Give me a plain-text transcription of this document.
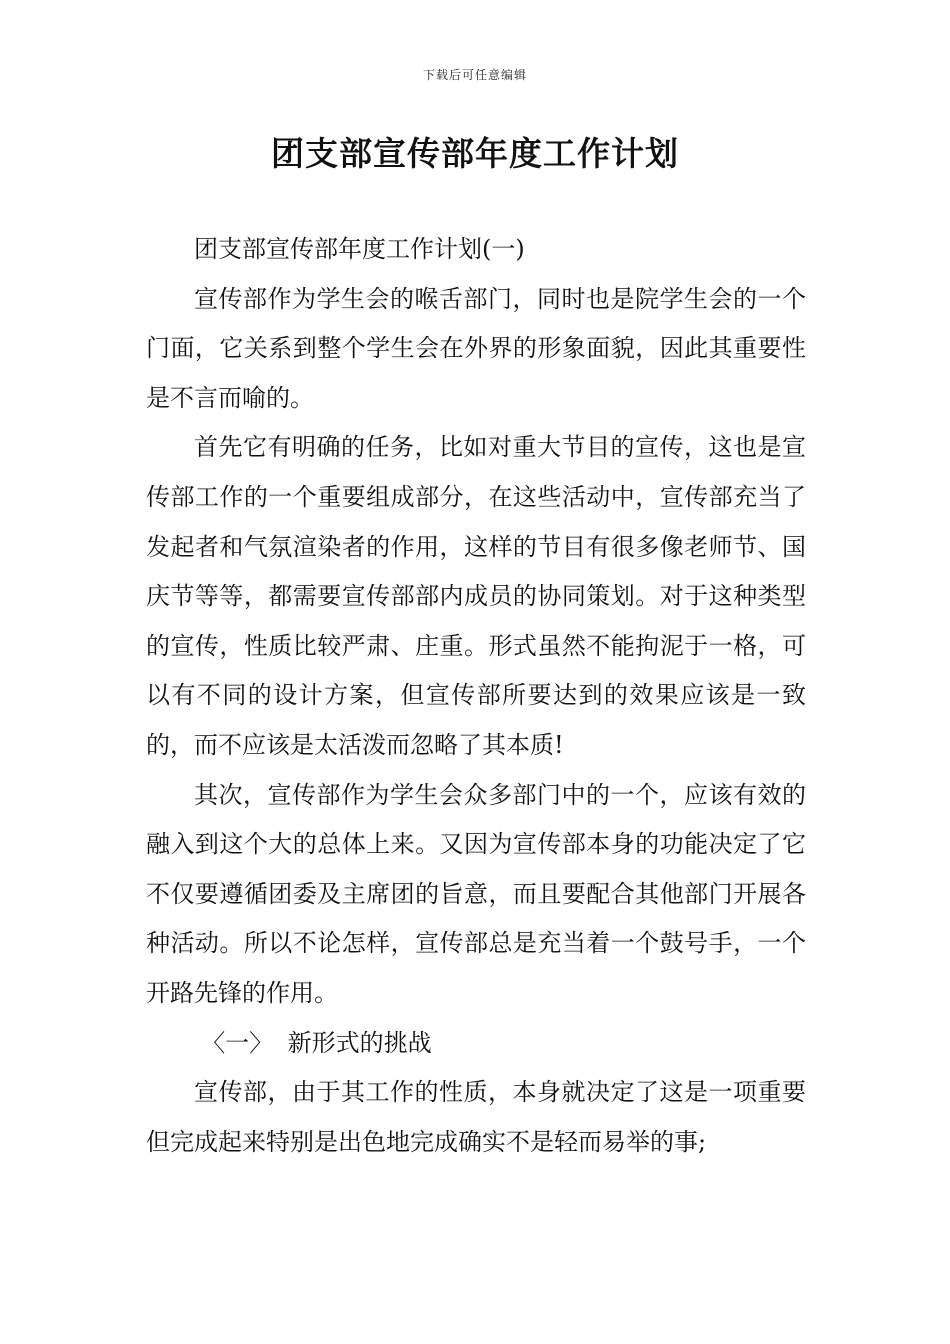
下载后可任意编辑
团支部宣传部年度工作计划

团支部宣传部年度工作计划(一)

宣传部作为学生会的喉舌部门，同时也是院学生会的一个门面，它关系到整个学生会在外界的形象面貌，因此其重要性是不言而喻的。

首先它有明确的任务，比如对重大节目的宣传，这也是宣传部工作的一个重要组成部分，在这些活动中，宣传部充当了发起者和气氛渲染者的作用，这样的节目有很多像老师节、国庆节等等，都需要宣传部部内成员的协同策划。对于这种类型的宣传，性质比较严肃、庄重。形式虽然不能拘泥于一格，可以有不同的设计方案，但宣传部所要达到的效果应该是一致的，而不应该是太活泼而忽略了其本质!

其次，宣传部作为学生会众多部门中的一个，应该有效的融入到这个大的总体上来。又因为宣传部本身的功能决定了它不仅要遵循团委及主席团的旨意，而且要配合其他部门开展各种活动。所以不论怎样，宣传部总是充当着一个鼓号手，一个开路先锋的作用。

〈一〉 新形式的挑战

宣传部，由于其工作的性质，本身就决定了这是一项重要但完成起来特别是出色地完成确实不是轻而易举的事;
